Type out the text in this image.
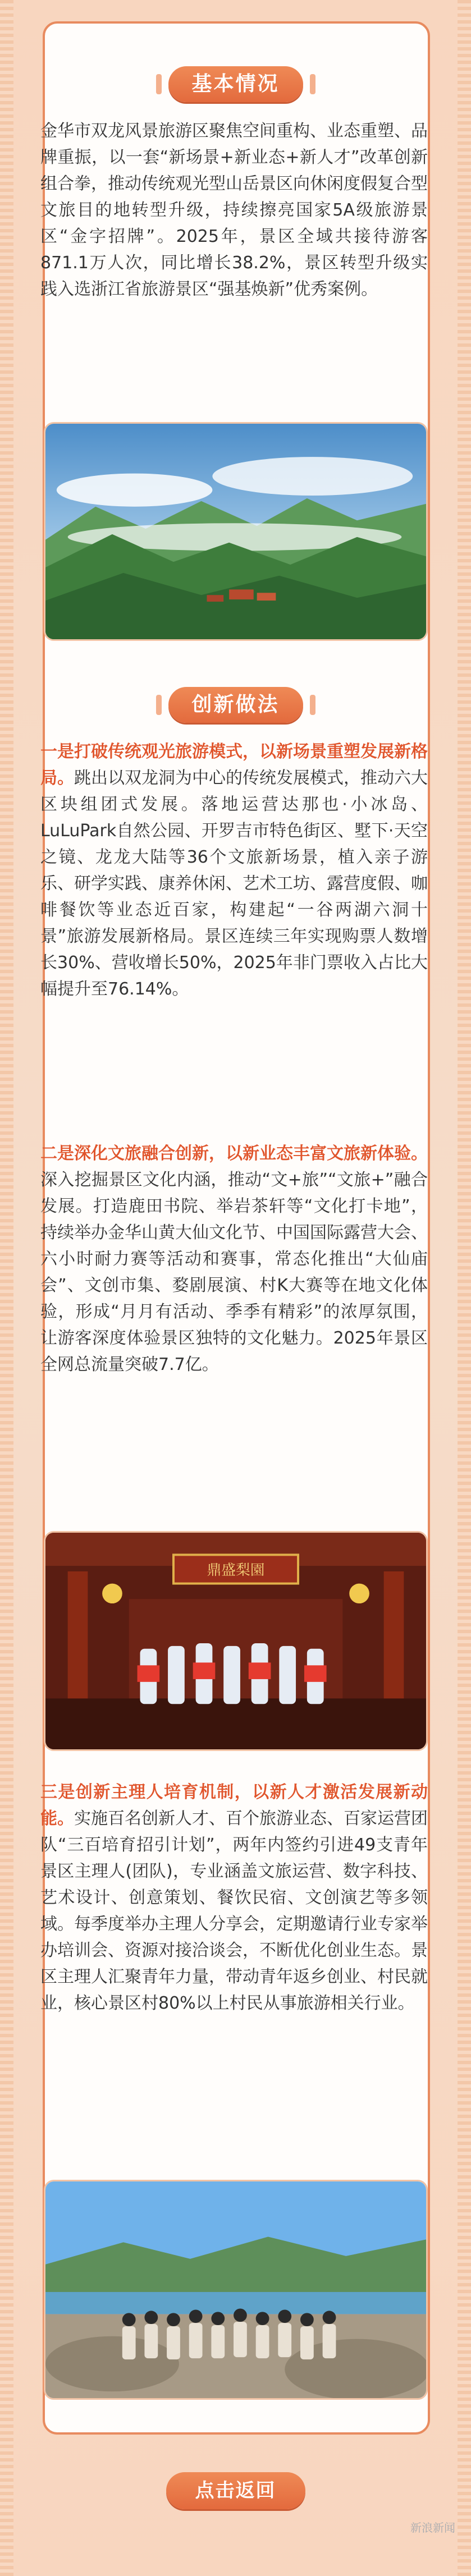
基本情况
金华市双龙风景旅游区聚焦空间重构、业态重塑、品牌重振，以一套“新场景+新业态+新人才”改革创新组合拳，推动传统观光型山岳景区向休闲度假复合型文旅目的地转型升级，持续擦亮国家5A级旅游景区“金字招牌”。2025年，景区全域共接待游客871.1万人次，同比增长38.2%，景区转型升级实践入选浙江省旅游景区“强基焕新”优秀案例。
创新做法
一是打破传统观光旅游模式，以新场景重塑发展新格局。跳出以双龙洞为中心的传统发展模式，推动六大区块组团式发展。落地运营达那也·小冰岛、LuLuPark自然公园、开罗吉市特色街区、墅下·天空之镜、龙龙大陆等36个文旅新场景，植入亲子游乐、研学实践、康养休闲、艺术工坊、露营度假、咖啡餐饮等业态近百家，构建起“一谷两湖六洞十景”旅游发展新格局。景区连续三年实现购票人数增长30%、营收增长50%，2025年非门票收入占比大幅提升至76.14%。
二是深化文旅融合创新，以新业态丰富文旅新体验。深入挖掘景区文化内涵，推动“文+旅”“文旅+”融合发展。打造鹿田书院、举岩茶轩等“文化打卡地”，持续举办金华山黄大仙文化节、中国国际露营大会、六小时耐力赛等活动和赛事，常态化推出“大仙庙会”、文创市集、婺剧展演、村K大赛等在地文化体验，形成“月月有活动、季季有精彩”的浓厚氛围，让游客深度体验景区独特的文化魅力。2025年景区全网总流量突破7.7亿。
鼎盛梨園
三是创新主理人培育机制，以新人才激活发展新动能。实施百名创新人才、百个旅游业态、百家运营团队“三百培育招引计划”，两年内签约引进49支青年景区主理人(团队)，专业涵盖文旅运营、数字科技、艺术设计、创意策划、餐饮民宿、文创演艺等多领域。每季度举办主理人分享会，定期邀请行业专家举办培训会、资源对接洽谈会，不断优化创业生态。景区主理人汇聚青年力量，带动青年返乡创业、村民就业，核心景区村80%以上村民从事旅游相关行业。
点击返回
新浪新闻
